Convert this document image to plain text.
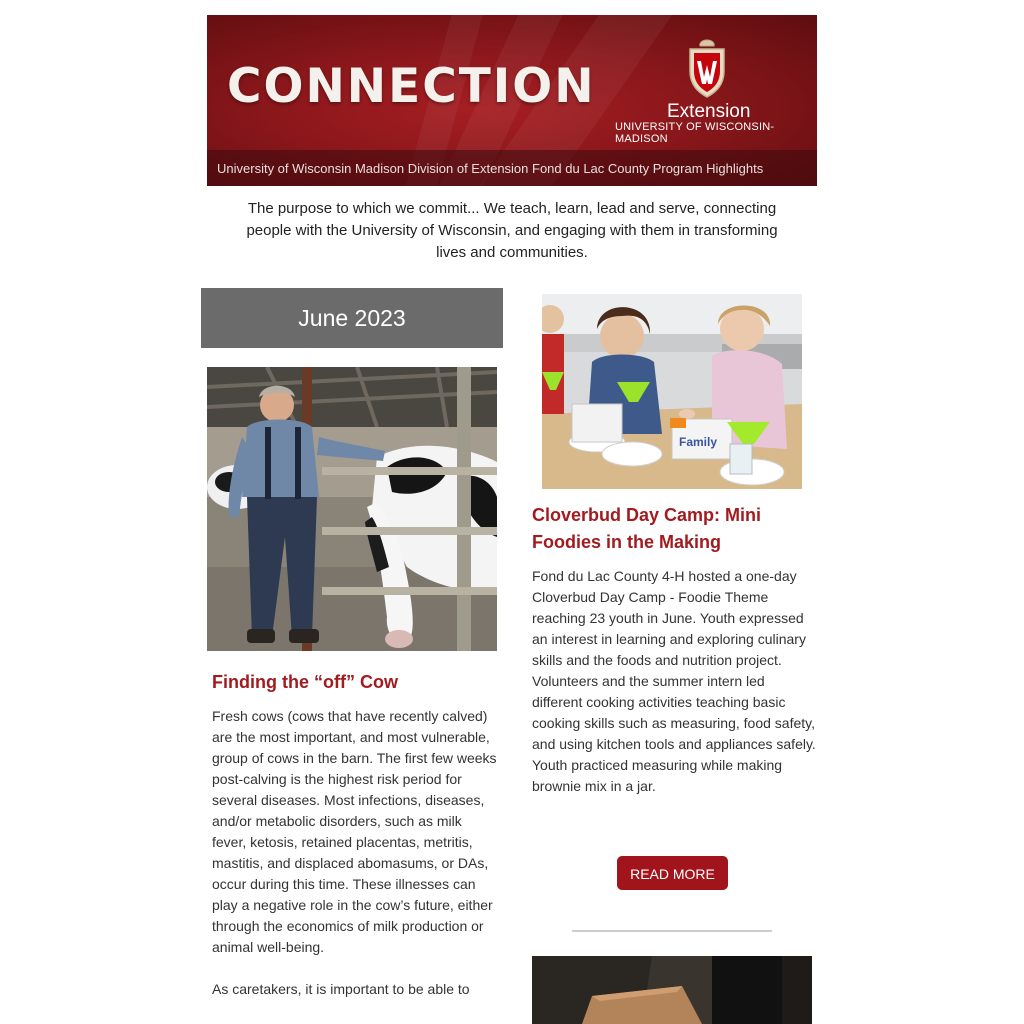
CONNECTION	Extension
UNIVERSITY OF WISCONSIN-MADISON
University of Wisconsin Madison Division of Extension Fond du Lac County Program Highlights
The purpose to which we commit... We teach, learn, lead and serve, connecting people with the University of Wisconsin, and engaging with them in transforming lives and communities.
June 2023
Finding the “off” Cow

Fresh cows (cows that have recently calved) are the most important, and most vulnerable, group of cows in the barn. The first few weeks post-calving is the highest risk period for several diseases. Most infections, diseases, and/or metabolic disorders, such as milk fever, ketosis, retained placentas, metritis, mastitis, and displaced abomasums, or DAs, occur during this time. These illnesses can play a negative role in the cow’s future, either through the economics of milk production or animal well-being.

As caretakers, it is important to be able to

Family
Cloverbud Day Camp: Mini Foodies in the Making

Fond du Lac County 4-H hosted a one-day Cloverbud Day Camp - Foodie Theme reaching 23 youth in June. Youth expressed an interest in learning and exploring culinary skills and the foods and nutrition project. Volunteers and the summer intern led different cooking activities teaching basic cooking skills such as measuring, food safety, and using kitchen tools and appliances safely. Youth practiced measuring while making brownie mix in a jar.

READ MORE
